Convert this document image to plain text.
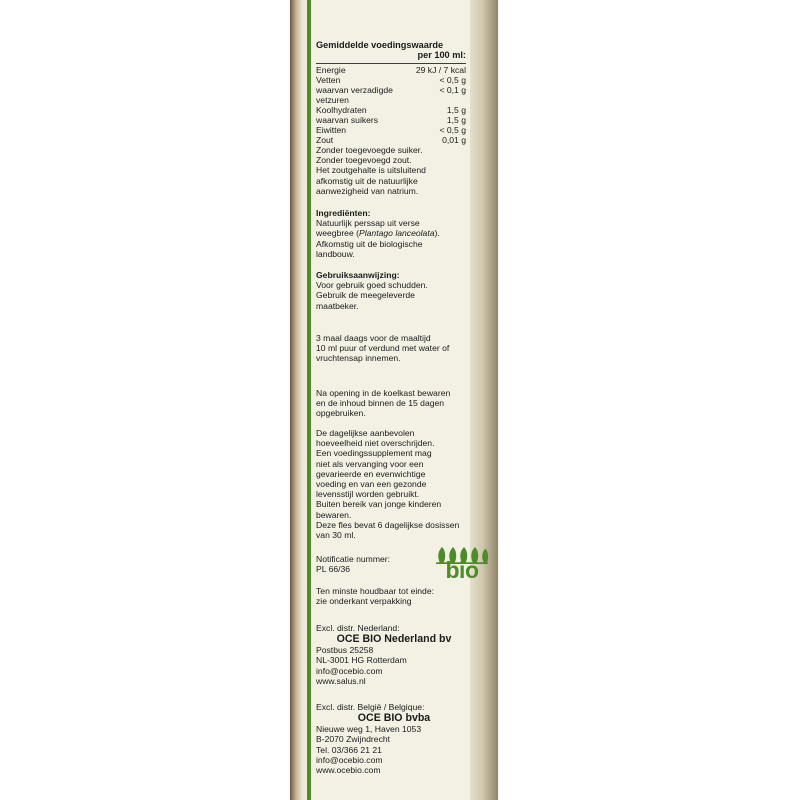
Gemiddelde voedingswaarde
per 100 ml:
Energie	29 kJ / 7 kcal
Vetten	< 0,5 g
waarvan verzadigde vetzuren	< 0,1 g
Koolhydraten	1,5 g
waarvan suikers	1,5 g
Eiwitten	< 0,5 g
Zout	0,01 g
Zonder toegevoegde suiker.
Zonder toegevoegd zout.
Het zoutgehalte is uitsluitend
afkomstig uit de natuurlijke
aanwezigheid van natrium.
Ingrediënten:
Natuurlijk perssap uit verse
weegbree (Plantago lanceolata).
Afkomstig uit de biologische
landbouw.
Gebruiksaanwijzing:
Voor gebruik goed schudden.
Gebruik de meegeleverde
maatbeker.
3 maal daags voor de maaltijd
10 ml puur of verdund met water of
vruchtensap innemen.
Na opening in de koelkast bewaren
en de inhoud binnen de 15 dagen
opgebruiken.
De dagelijkse aanbevolen
hoeveelheid niet overschrijden.
Een voedingssupplement mag
niet als vervanging voor een
gevarieerde en evenwichtige
voeding en van een gezonde
levensstijl worden gebruikt.
Buiten bereik van jonge kinderen
bewaren.
Deze fles bevat 6 dagelijkse dosissen
van 30 ml.
Notificatie nummer:
PL 66/36
Ten minste houdbaar tot einde:
zie onderkant verpakking
Excl. distr. Nederland:
OCE BIO Nederland bv
Postbus 25258
NL-3001 HG Rotterdam
info@ocebio.com
www.salus.nl
Excl. distr. België / Belgique:
OCE BIO bvba
Nieuwe weg 1, Haven 1053
B-2070 Zwijndrecht
Tel. 03/366 21 21
info@ocebio.com
www.ocebio.com
bio
